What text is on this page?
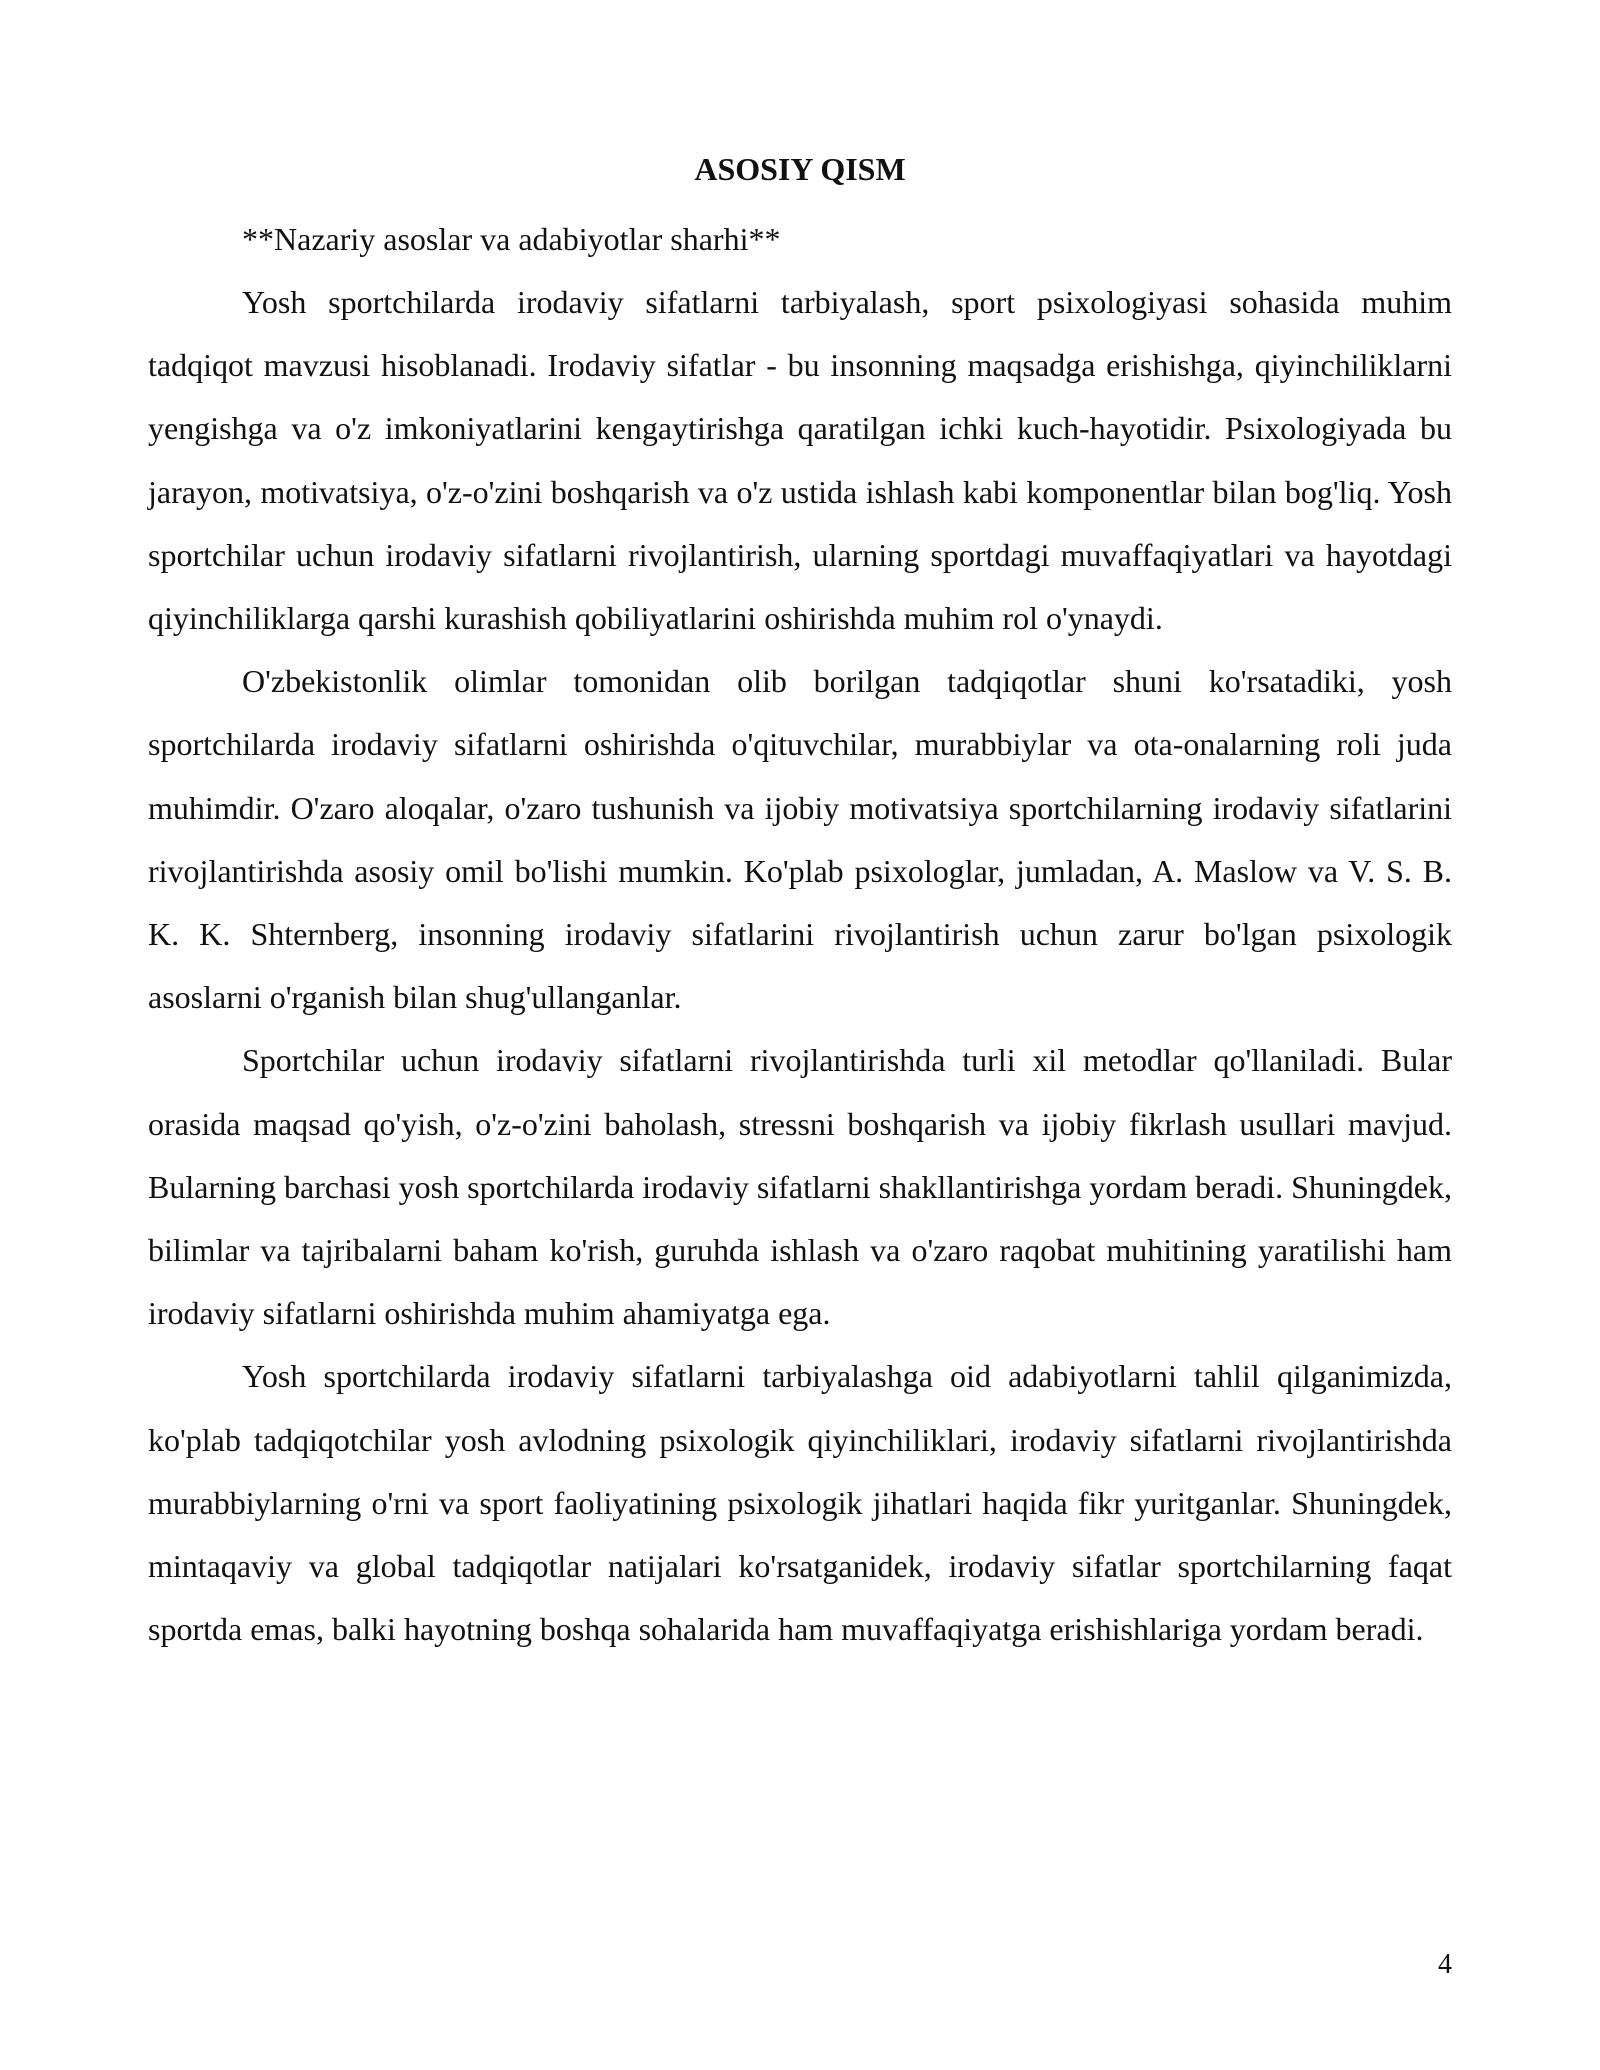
ASOSIY QISM

**Nazariy asoslar va adabiyotlar sharhi**

Yosh sportchilarda irodaviy sifatlarni tarbiyalash, sport psixologiyasi sohasida muhim tadqiqot mavzusi hisoblanadi. Irodaviy sifatlar - bu insonning maqsadga erishishga, qiyinchiliklarni yengishga va o'z imkoniyatlarini kengaytirishga qaratilgan ichki kuch-hayotidir. Psixologiyada bu jarayon, motivatsiya, o'z-o'zini boshqarish va o'z ustida ishlash kabi komponentlar bilan bog'liq. Yosh sportchilar uchun irodaviy sifatlarni rivojlantirish, ularning sportdagi muvaffaqiyatlari va hayotdagi qiyinchiliklarga qarshi kurashish qobiliyatlarini oshirishda muhim rol o'ynaydi.

O'zbekistonlik olimlar tomonidan olib borilgan tadqiqotlar shuni ko'rsatadiki, yosh sportchilarda irodaviy sifatlarni oshirishda o'qituvchilar, murabbiylar va ota-onalarning roli juda muhimdir. O'zaro aloqalar, o'zaro tushunish va ijobiy motivatsiya sportchilarning irodaviy sifatlarini rivojlantirishda asosiy omil bo'lishi mumkin. Ko'plab psixologlar, jumladan, A. Maslow va V. S. B. K. K. Shternberg, insonning irodaviy sifatlarini rivojlantirish uchun zarur bo'lgan psixologik asoslarni o'rganish bilan shug'ullanganlar.

Sportchilar uchun irodaviy sifatlarni rivojlantirishda turli xil metodlar qo'llaniladi. Bular orasida maqsad qo'yish, o'z-o'zini baholash, stressni boshqarish va ijobiy fikrlash usullari mavjud. Bularning barchasi yosh sportchilarda irodaviy sifatlarni shakllantirishga yordam beradi. Shuningdek, bilimlar va tajribalarni baham ko'rish, guruhda ishlash va o'zaro raqobat muhitining yaratilishi ham irodaviy sifatlarni oshirishda muhim ahamiyatga ega.

Yosh sportchilarda irodaviy sifatlarni tarbiyalashga oid adabiyotlarni tahlil qilganimizda, ko'plab tadqiqotchilar yosh avlodning psixologik qiyinchiliklari, irodaviy sifatlarni rivojlantirishda murabbiylarning o'rni va sport faoliyatining psixologik jihatlari haqida fikr yuritganlar. Shuningdek, mintaqaviy va global tadqiqotlar natijalari ko'rsatganidek, irodaviy sifatlar sportchilarning faqat sportda emas, balki hayotning boshqa sohalarida ham muvaffaqiyatga erishishlariga yordam beradi.

4
